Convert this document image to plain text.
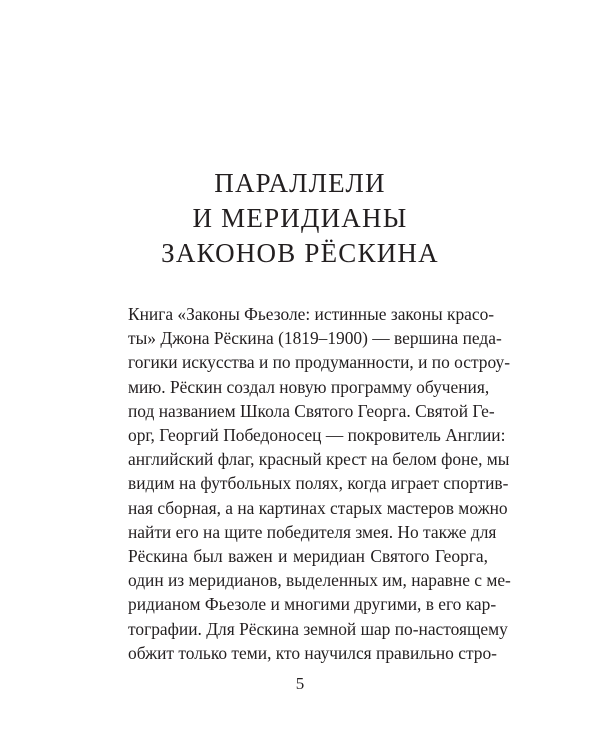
ПАРАЛЛЕЛИ
И МЕРИДИАНЫ
ЗАКОНОВ РЁСКИНА
Книга «Законы Фьезоле: истинные законы красо-
ты» Джона Рёскина (1819–1900) — вершина педа-
гогики искусства и по продуманности, и по остроу-
мию. Рёскин создал новую программу обучения,
под названием Школа Святого Георга. Святой Ге-
орг, Георгий Победоносец — покровитель Англии:
английский флаг, красный крест на белом фоне, мы
видим на футбольных полях, когда играет спортив-
ная сборная, а на картинах старых мастеров можно
найти его на щите победителя змея. Но также для
Рёскина был важен и меридиан Святого Георга,
один из меридианов, выделенных им, наравне с ме-
ридианом Фьезоле и многими другими, в его кар-
тографии. Для Рёскина земной шар по-настоящему
обжит только теми, кто научился правильно стро-
5
